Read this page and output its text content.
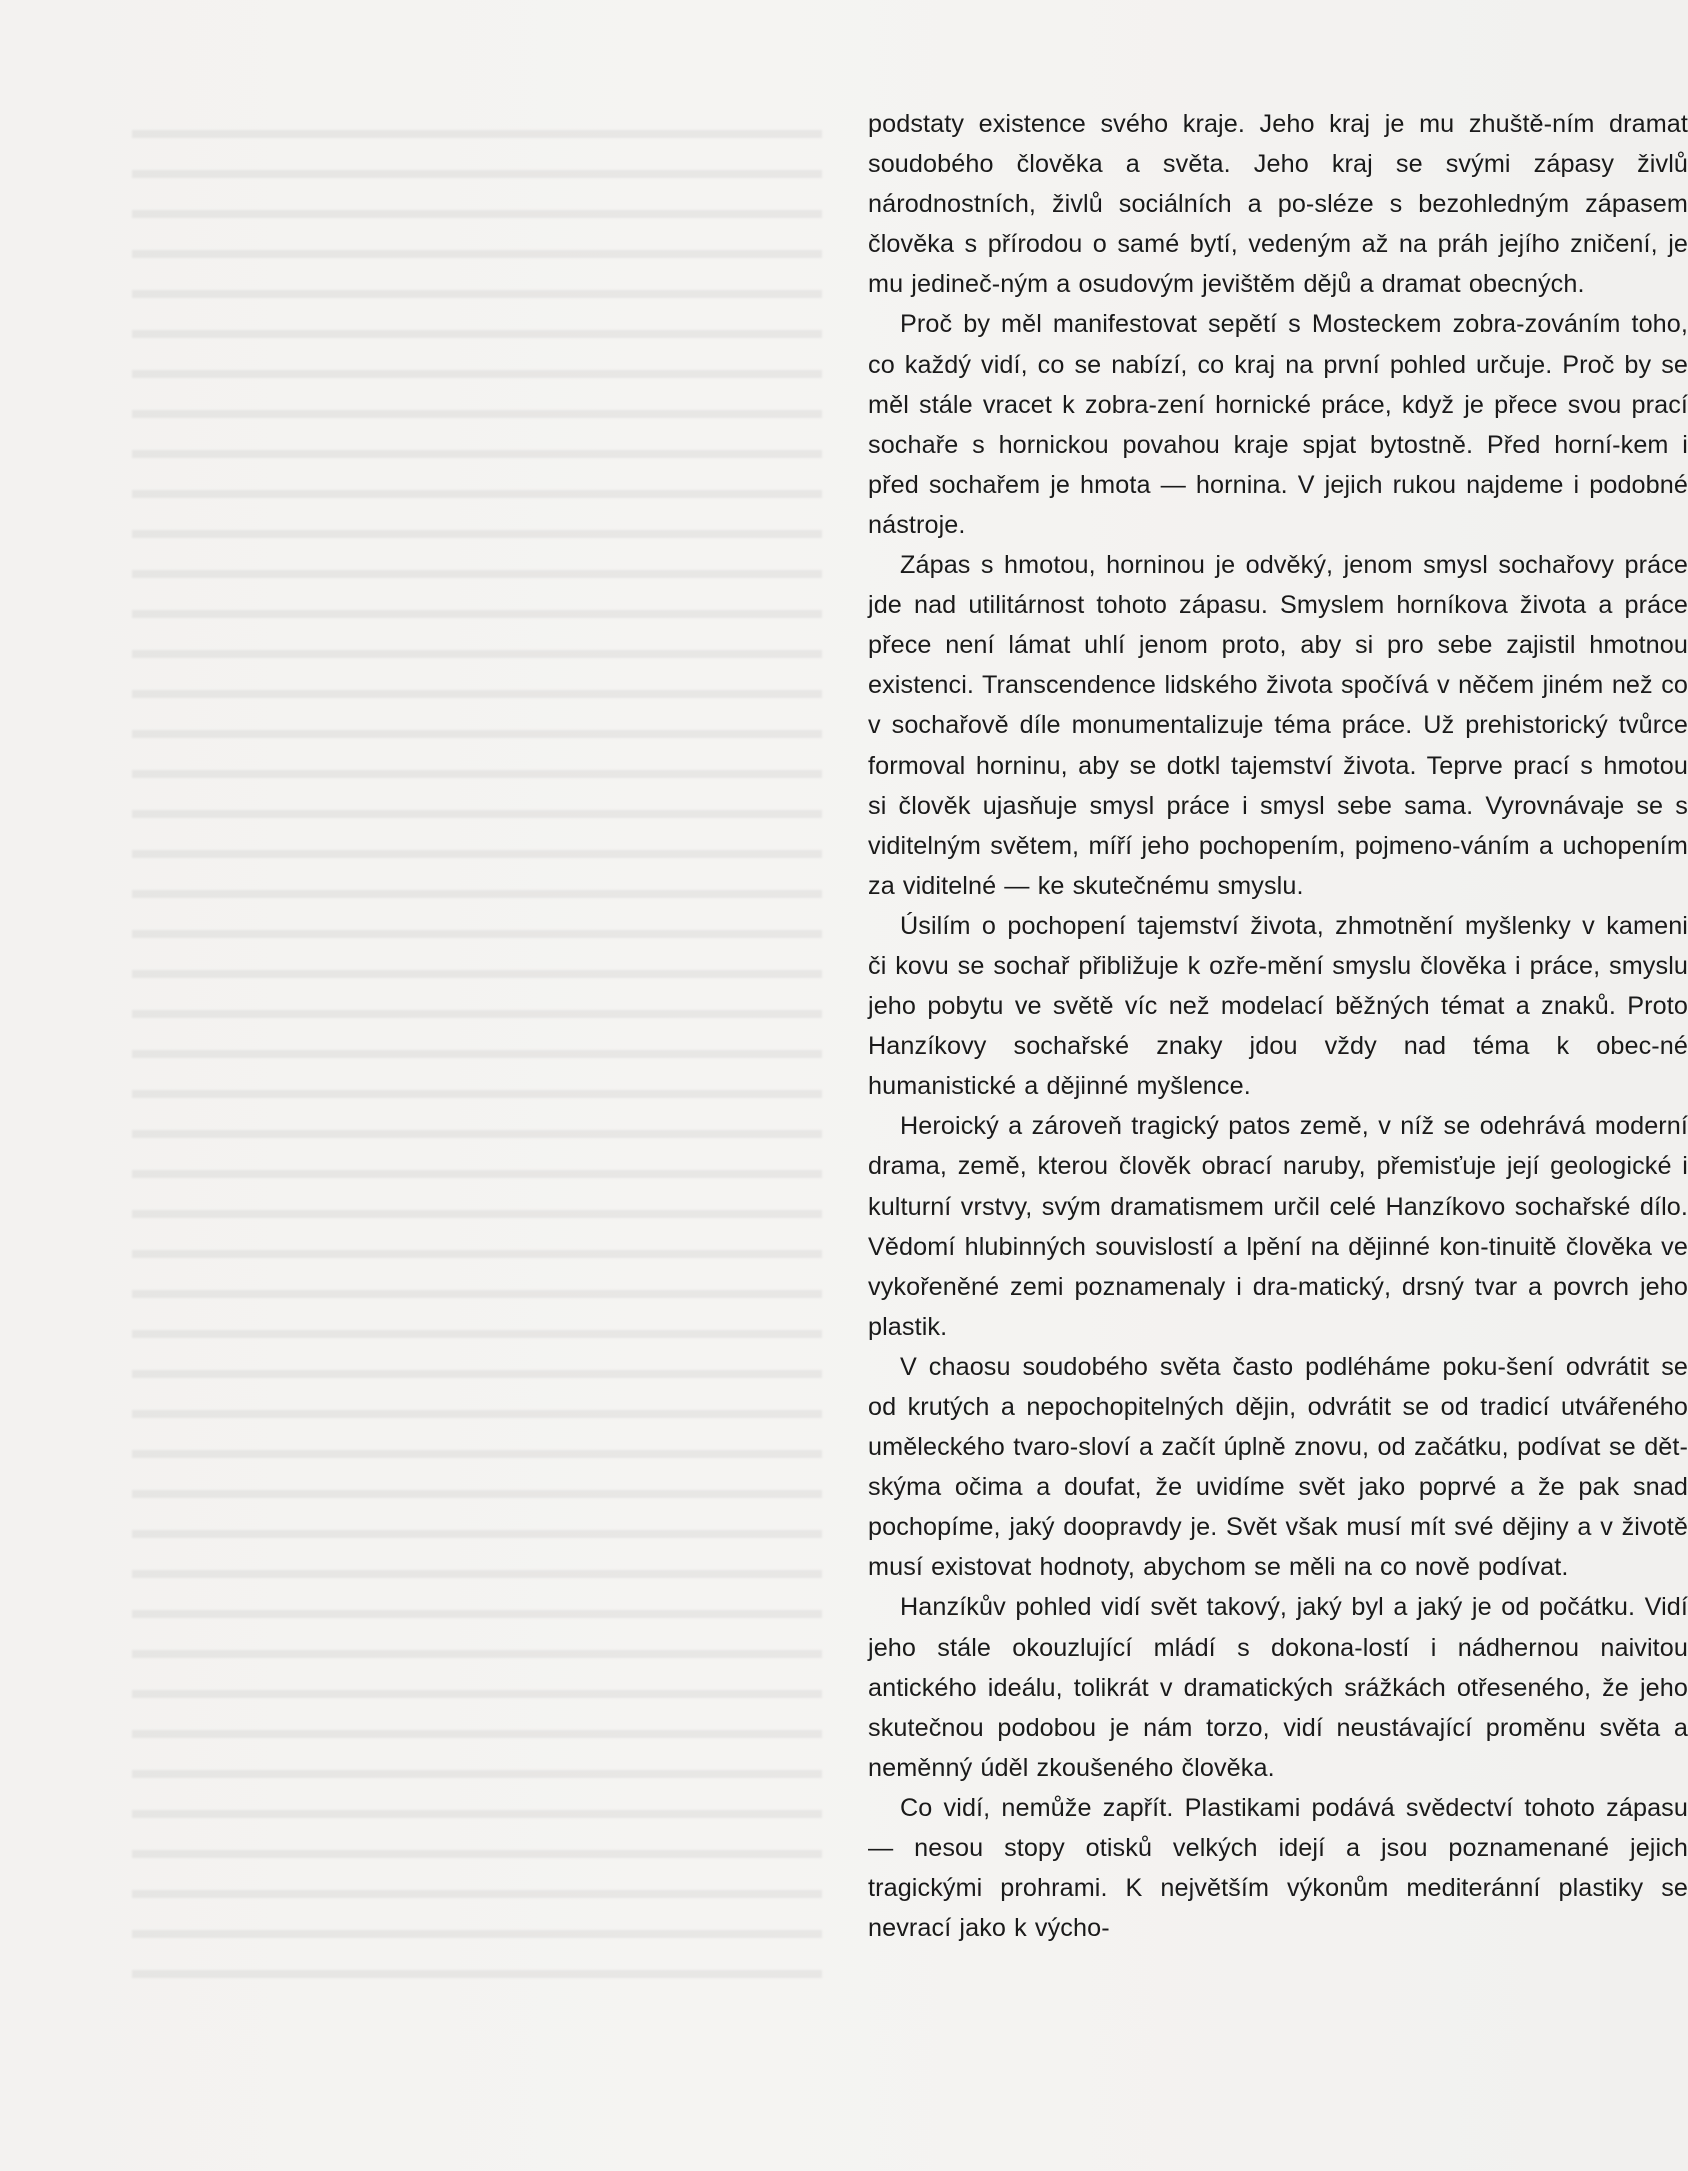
podstaty existence svého kraje. Jeho kraj je mu zhuště-ním dramat soudobého člověka a světa. Jeho kraj se svými zápasy živlů národnostních, živlů sociálních a po-sléze s bezohledným zápasem člověka s přírodou o samé bytí, vedeným až na práh jejího zničení, je mu jedineč-ným a osudovým jevištěm dějů a dramat obecných.

Proč by měl manifestovat sepětí s Mosteckem zobra-zováním toho, co každý vidí, co se nabízí, co kraj na první pohled určuje. Proč by se měl stále vracet k zobra-zení hornické práce, když je přece svou prací sochaře s hornickou povahou kraje spjat bytostně. Před horní-kem i před sochařem je hmota — hornina. V jejich rukou najdeme i podobné nástroje.

Zápas s hmotou, horninou je odvěký, jenom smysl sochařovy práce jde nad utilitárnost tohoto zápasu. Smyslem horníkova života a práce přece není lámat uhlí jenom proto, aby si pro sebe zajistil hmotnou existenci. Transcendence lidského života spočívá v něčem jiném než co v sochařově díle monumentalizuje téma práce. Už prehistorický tvůrce formoval horninu, aby se dotkl tajemství života. Teprve prací s hmotou si člověk ujasňuje smysl práce i smysl sebe sama. Vyrovnávaje se s viditelným světem, míří jeho pochopením, pojmeno-váním a uchopením za viditelné — ke skutečnému smyslu.

Úsilím o pochopení tajemství života, zhmotnění myšlenky v kameni či kovu se sochař přibližuje k ozře-mění smyslu člověka i práce, smyslu jeho pobytu ve světě víc než modelací běžných témat a znaků. Proto Hanzíkovy sochařské znaky jdou vždy nad téma k obec-né humanistické a dějinné myšlence.

Heroický a zároveň tragický patos země, v níž se odehrává moderní drama, země, kterou člověk obrací naruby, přemisťuje její geologické i kulturní vrstvy, svým dramatismem určil celé Hanzíkovo sochařské dílo. Vědomí hlubinných souvislostí a lpění na dějinné kon-tinuitě člověka ve vykořeněné zemi poznamenaly i dra-matický, drsný tvar a povrch jeho plastik.

V chaosu soudobého světa často podléháme poku-šení odvrátit se od krutých a nepochopitelných dějin, odvrátit se od tradicí utvářeného uměleckého tvaro-sloví a začít úplně znovu, od začátku, podívat se dět-skýma očima a doufat, že uvidíme svět jako poprvé a že pak snad pochopíme, jaký doopravdy je. Svět však musí mít své dějiny a v životě musí existovat hodnoty, abychom se měli na co nově podívat.

Hanzíkův pohled vidí svět takový, jaký byl a jaký je od počátku. Vidí jeho stále okouzlující mládí s dokona-lostí i nádhernou naivitou antického ideálu, tolikrát v dramatických srážkách otřeseného, že jeho skutečnou podobou je nám torzo, vidí neustávající proměnu světa a neměnný úděl zkoušeného člověka.

Co vidí, nemůže zapřít. Plastikami podává svědectví tohoto zápasu — nesou stopy otisků velkých idejí a jsou poznamenané jejich tragickými prohrami. K největším výkonům mediteránní plastiky se nevrací jako k výcho-
